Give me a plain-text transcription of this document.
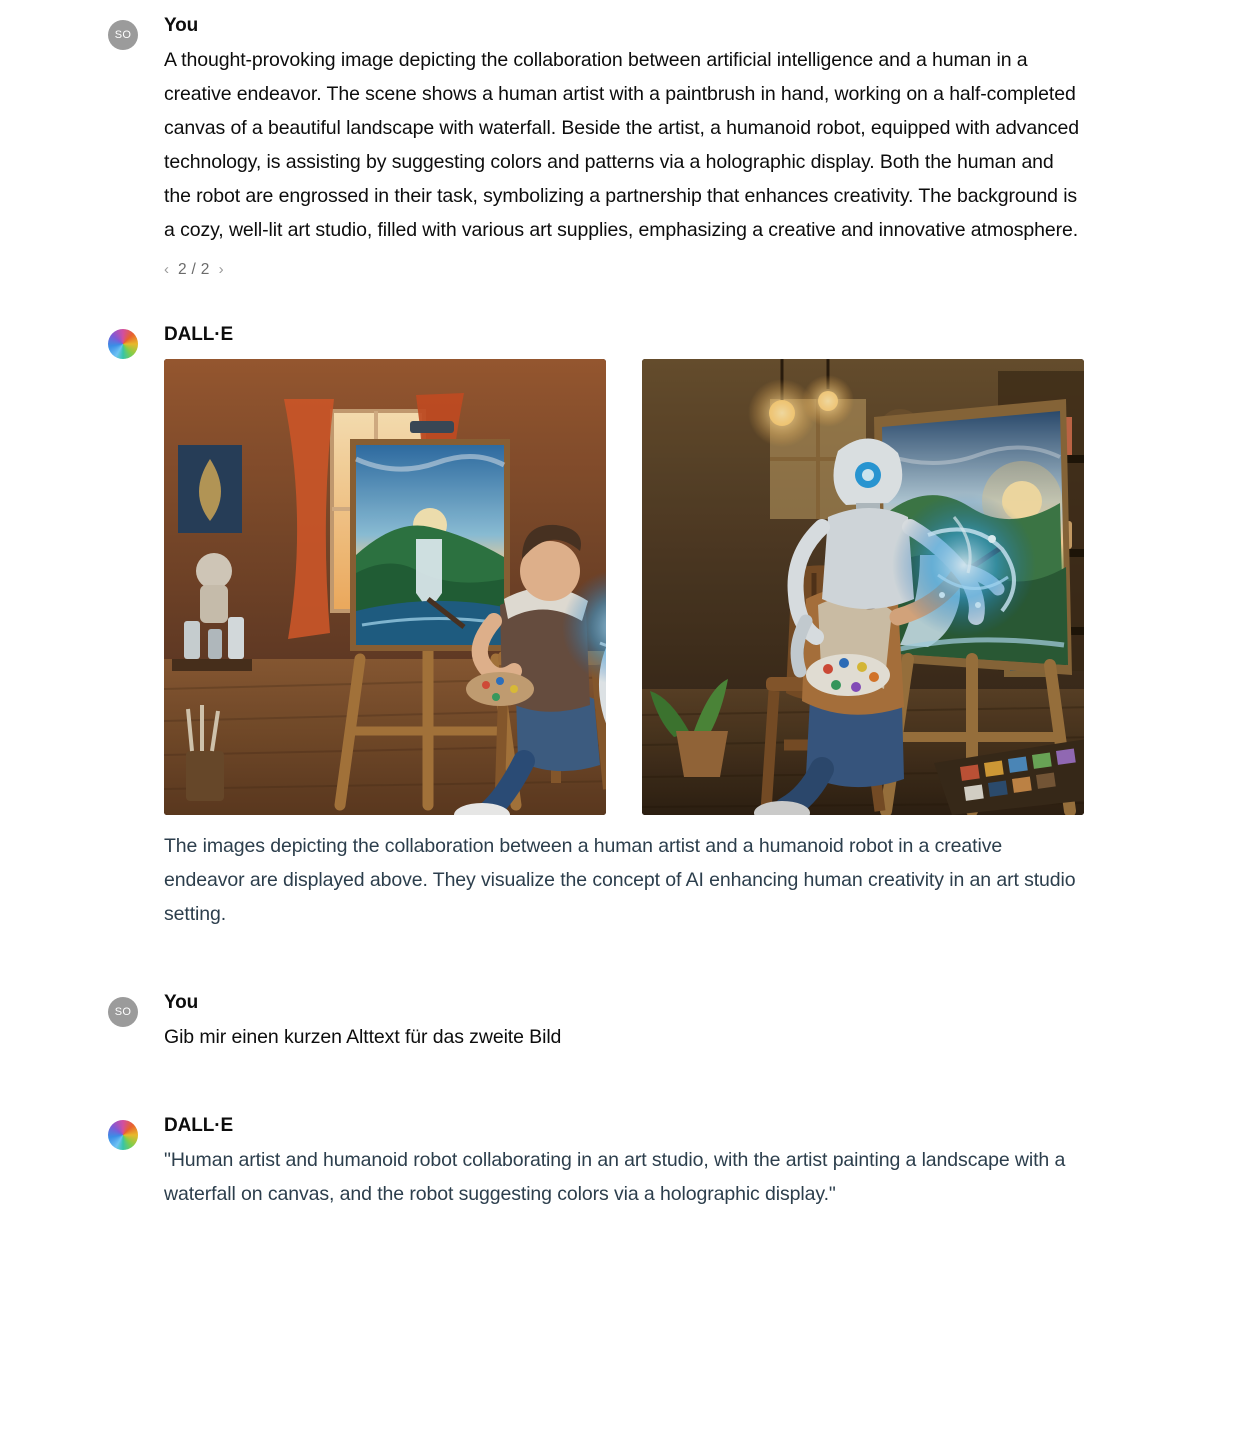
SO	You

A thought-provoking image depicting the collaboration between artificial intelligence and a human in a creative endeavor. The scene shows a human artist with a paintbrush in hand, working on a half-completed canvas of a beautiful landscape with waterfall. Beside the artist, a humanoid robot, equipped with advanced technology, is assisting by suggesting colors and patterns via a holographic display. Both the human and the robot are engrossed in their task, symbolizing a partnership that enhances creativity. The background is a cozy, well-lit art studio, filled with various art supplies, emphasizing a creative and innovative atmosphere.

‹ 2 / 2 ›
DALL·E

The images depicting the collaboration between a human artist and a humanoid robot in a creative endeavor are displayed above. They visualize the concept of AI enhancing human creativity in an art studio setting.

SO	You

Gib mir einen kurzen Alttext für das zweite Bild

DALL·E

"Human artist and humanoid robot collaborating in an art studio, with the artist painting a landscape with a waterfall on canvas, and the robot suggesting colors via a holographic display."
